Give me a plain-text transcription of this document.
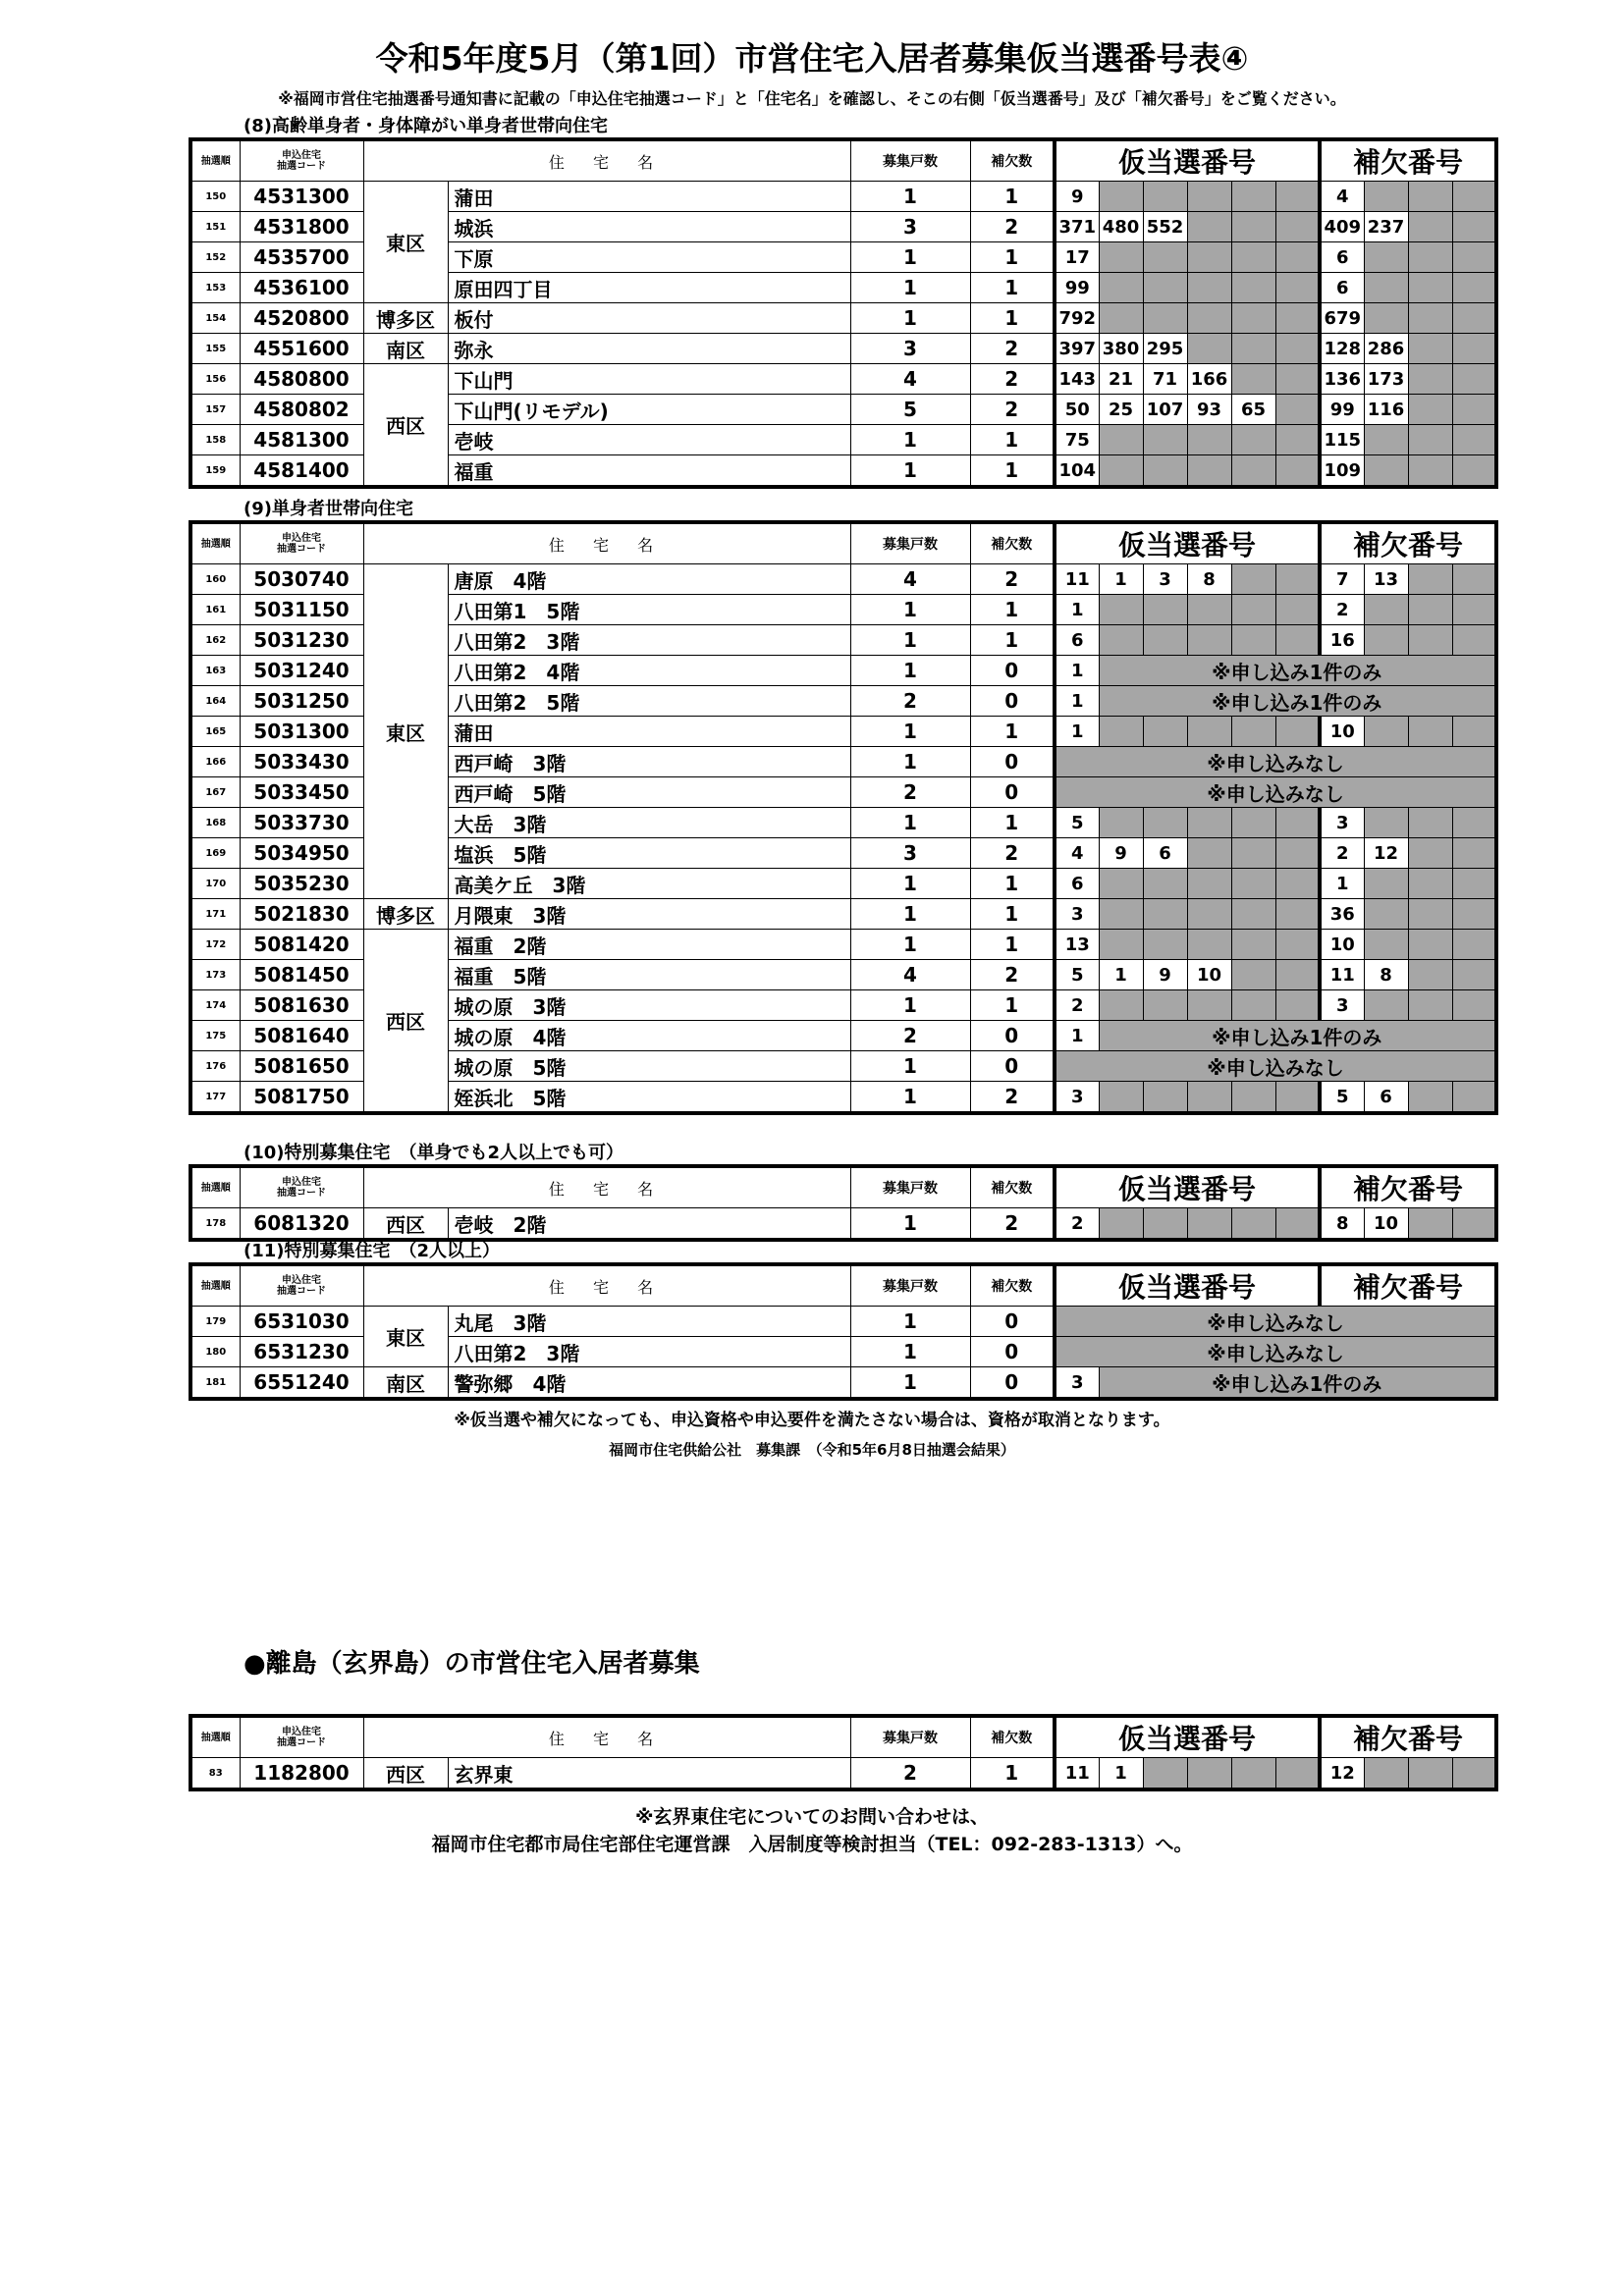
令和5年度5月（第1回）市営住宅入居者募集仮当選番号表④
※福岡市営住宅抽選番号通知書に記載の「申込住宅抽選コード」と「住宅名」を確認し、そこの右側「仮当選番号」及び「補欠番号」をご覧ください。
(8)高齢単身者・身体障がい単身者世帯向住宅
抽選順	申込住宅
抽選コード	住 宅 名		募集戸数	補欠数	仮当選番号						補欠番号			
150	4531300	東区	蒲田	1	1	9						4			
151	4531800		城浜	3	2	371	480	552				409	237		
152	4535700		下原	1	1	17						6			
153	4536100		原田四丁目	1	1	99						6			
154	4520800	博多区	板付	1	1	792						679			
155	4551600	南区	弥永	3	2	397	380	295				128	286		
156	4580800	西区	下山門	4	2	143	21	71	166			136	173		
157	4580802		下山門(リモデル)	5	2	50	25	107	93	65		99	116		
158	4581300		壱岐	1	1	75						115			
159	4581400		福重	1	1	104						109			
(9)単身者世帯向住宅
抽選順	申込住宅
抽選コード	住 宅 名		募集戸数	補欠数	仮当選番号						補欠番号			
160	5030740	東区	唐原　4階	4	2	11	1	3	8			7	13		
161	5031150		八田第1　5階	1	1	1						2			
162	5031230		八田第2　3階	1	1	6						16			
163	5031240		八田第2　4階	1	0	1	※申し込み1件のみ								
164	5031250		八田第2　5階	2	0	1	※申し込み1件のみ								
165	5031300		蒲田	1	1	1						10			
166	5033430		西戸崎　3階	1	0	※申し込みなし									
167	5033450		西戸崎　5階	2	0	※申し込みなし									
168	5033730		大岳　3階	1	1	5						3			
169	5034950		塩浜　5階	3	2	4	9	6				2	12		
170	5035230		高美ケ丘　3階	1	1	6						1			
171	5021830	博多区	月隈東　3階	1	1	3						36			
172	5081420	西区	福重　2階	1	1	13						10			
173	5081450		福重　5階	4	2	5	1	9	10			11	8		
174	5081630		城の原　3階	1	1	2						3			
175	5081640		城の原　4階	2	0	1	※申し込み1件のみ								
176	5081650		城の原　5階	1	0	※申し込みなし									
177	5081750		姪浜北　5階	1	2	3						5	6		
(10)特別募集住宅　（単身でも2人以上でも可）
抽選順	申込住宅
抽選コード	住 宅 名		募集戸数	補欠数	仮当選番号						補欠番号			
178	6081320	西区	壱岐　2階	1	2	2						8	10		
(11)特別募集住宅　（2人以上）
抽選順	申込住宅
抽選コード	住 宅 名		募集戸数	補欠数	仮当選番号		補欠番号
179	6531030	東区	丸尾　3階	1	0	※申し込みなし		
180	6531230		八田第2　3階	1	0	※申し込みなし		
181	6551240	南区	警弥郷　4階	1	0	3	※申し込み1件のみ	
※仮当選や補欠になっても、申込資格や申込要件を満たさない場合は、資格が取消となります。
福岡市住宅供給公社　募集課　（令和5年6月8日抽選会結果）
●離島（玄界島）の市営住宅入居者募集
抽選順	申込住宅
抽選コード	住 宅 名		募集戸数	補欠数	仮当選番号						補欠番号			
83	1182800	西区	玄界東	2	1	11	1					12			
※玄界東住宅についてのお問い合わせは、
福岡市住宅都市局住宅部住宅運営課　入居制度等検討担当（TEL：092-283-1313）へ。
